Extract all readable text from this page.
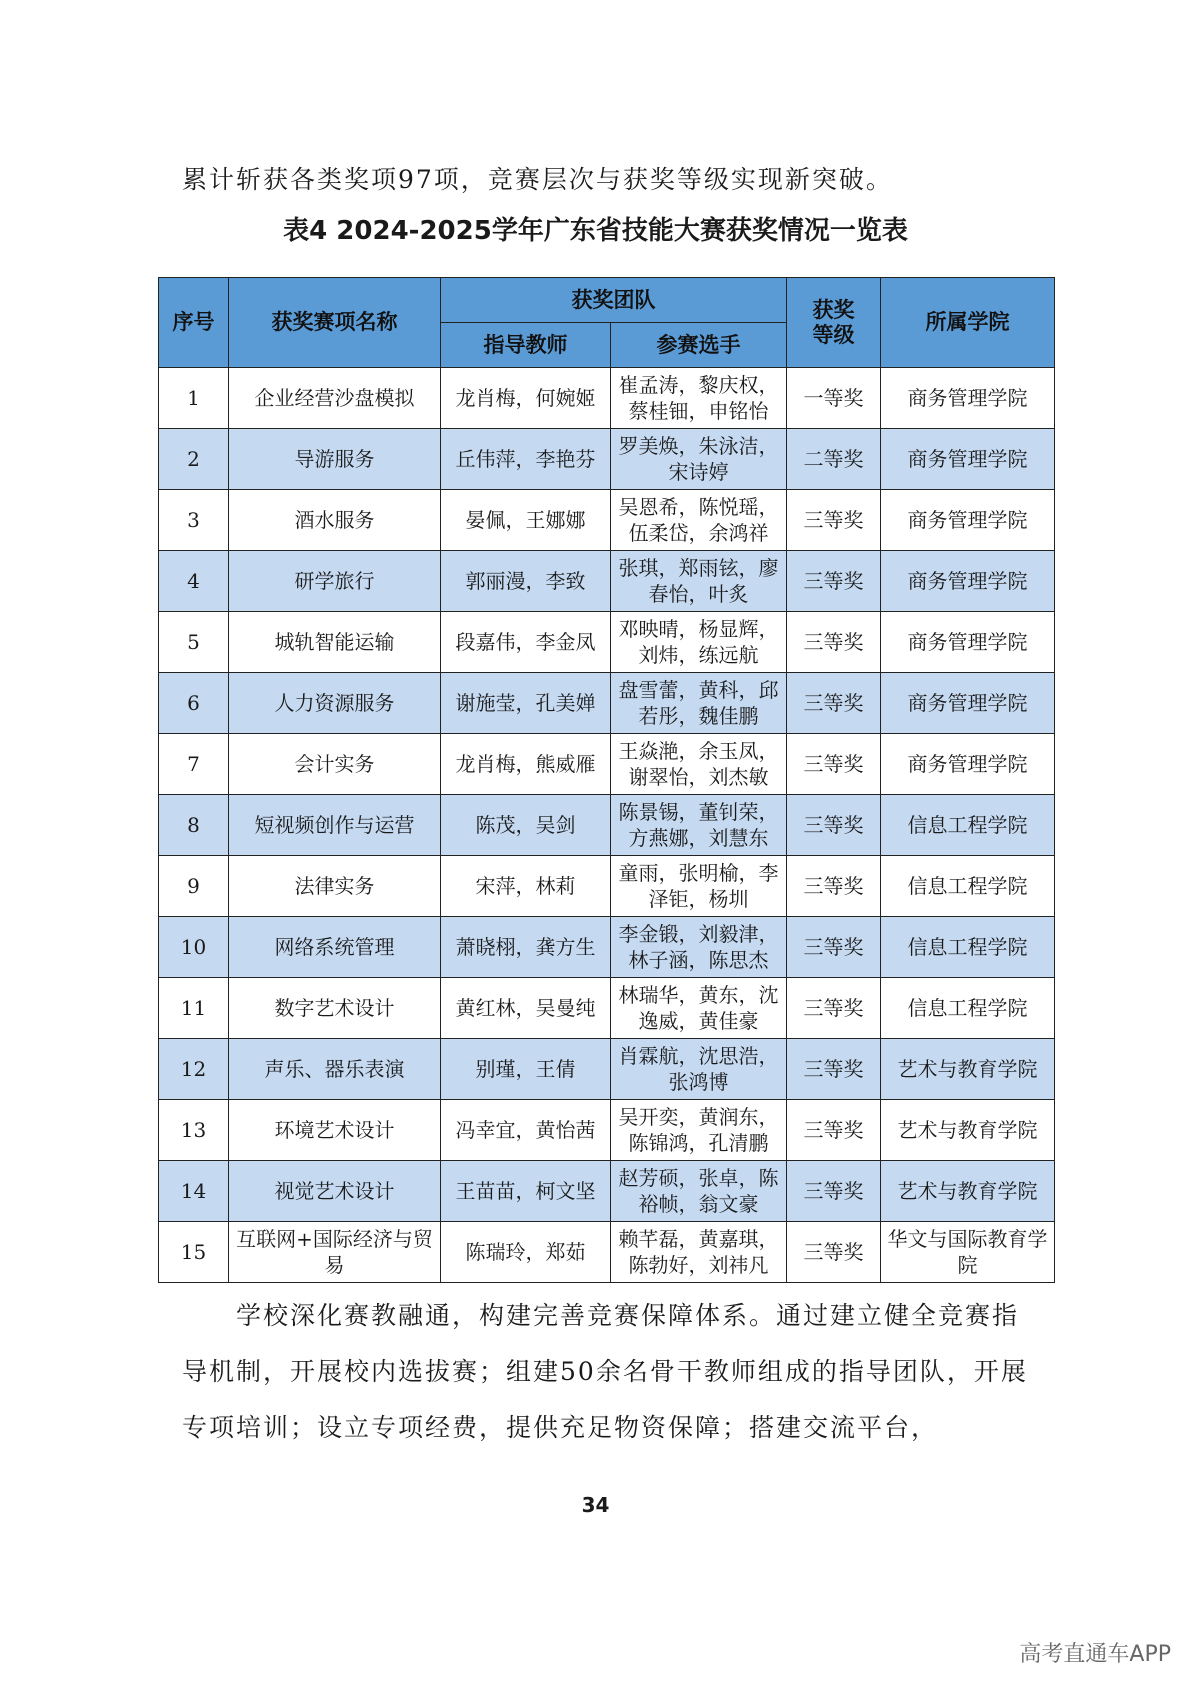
累计斩获各类奖项97项，竞赛层次与获奖等级实现新突破。

表4 2024-2025学年广东省技能大赛获奖情况一览表
序号	获奖赛项名称	获奖团队		获奖等级	所属学院
		指导教师	参赛选手		
1	企业经营沙盘模拟	龙肖梅，何婉姬	崔孟涛，黎庆权，蔡桂钿，申铭怡	一等奖	商务管理学院
2	导游服务	丘伟萍，李艳芬	罗美焕，朱泳洁，宋诗婷	二等奖	商务管理学院
3	酒水服务	晏佩，王娜娜	吴恩希，陈悦瑶，伍柔岱，余鸿祥	三等奖	商务管理学院
4	研学旅行	郭丽漫，李致	张琪，郑雨铉，廖春怡，叶炙	三等奖	商务管理学院
5	城轨智能运输	段嘉伟，李金凤	邓映晴，杨显辉，刘炜，练远航	三等奖	商务管理学院
6	人力资源服务	谢施莹，孔美婵	盘雪蕾，黄科，邱若彤，魏佳鹏	三等奖	商务管理学院
7	会计实务	龙肖梅，熊威雁	王焱滟，余玉凤，谢翠怡，刘杰敏	三等奖	商务管理学院
8	短视频创作与运营	陈茂，吴剑	陈景锡，董钊荣，方燕娜，刘慧东	三等奖	信息工程学院
9	法律实务	宋萍，林莉	童雨，张明榆，李泽钜，杨圳	三等奖	信息工程学院
10	网络系统管理	萧晓栩，龚方生	李金锻，刘毅津，林子涵，陈思杰	三等奖	信息工程学院
11	数字艺术设计	黄红林，吴曼纯	林瑞华，黄东，沈逸威，黄佳豪	三等奖	信息工程学院
12	声乐、器乐表演	别瑾，王倩	肖霖航，沈思浩，张鸿博	三等奖	艺术与教育学院
13	环境艺术设计	冯幸宜，黄怡茜	吴开奕，黄润东，陈锦鸿，孔清鹏	三等奖	艺术与教育学院
14	视觉艺术设计	王苗苗，柯文坚	赵芳硕，张卓，陈裕帧，翁文豪	三等奖	艺术与教育学院
15	互联网+国际经济与贸易	陈瑞玲，郑茹	赖芊磊，黄嘉琪，陈勃好，刘祎凡	三等奖	华文与国际教育学院

学校深化赛教融通，构建完善竞赛保障体系。通过建立健全竞赛指导机制，开展校内选拔赛；组建50余名骨干教师组成的指导团队，开展专项培训；设立专项经费，提供充足物资保障；搭建交流平台，

34
高考直通车APP
